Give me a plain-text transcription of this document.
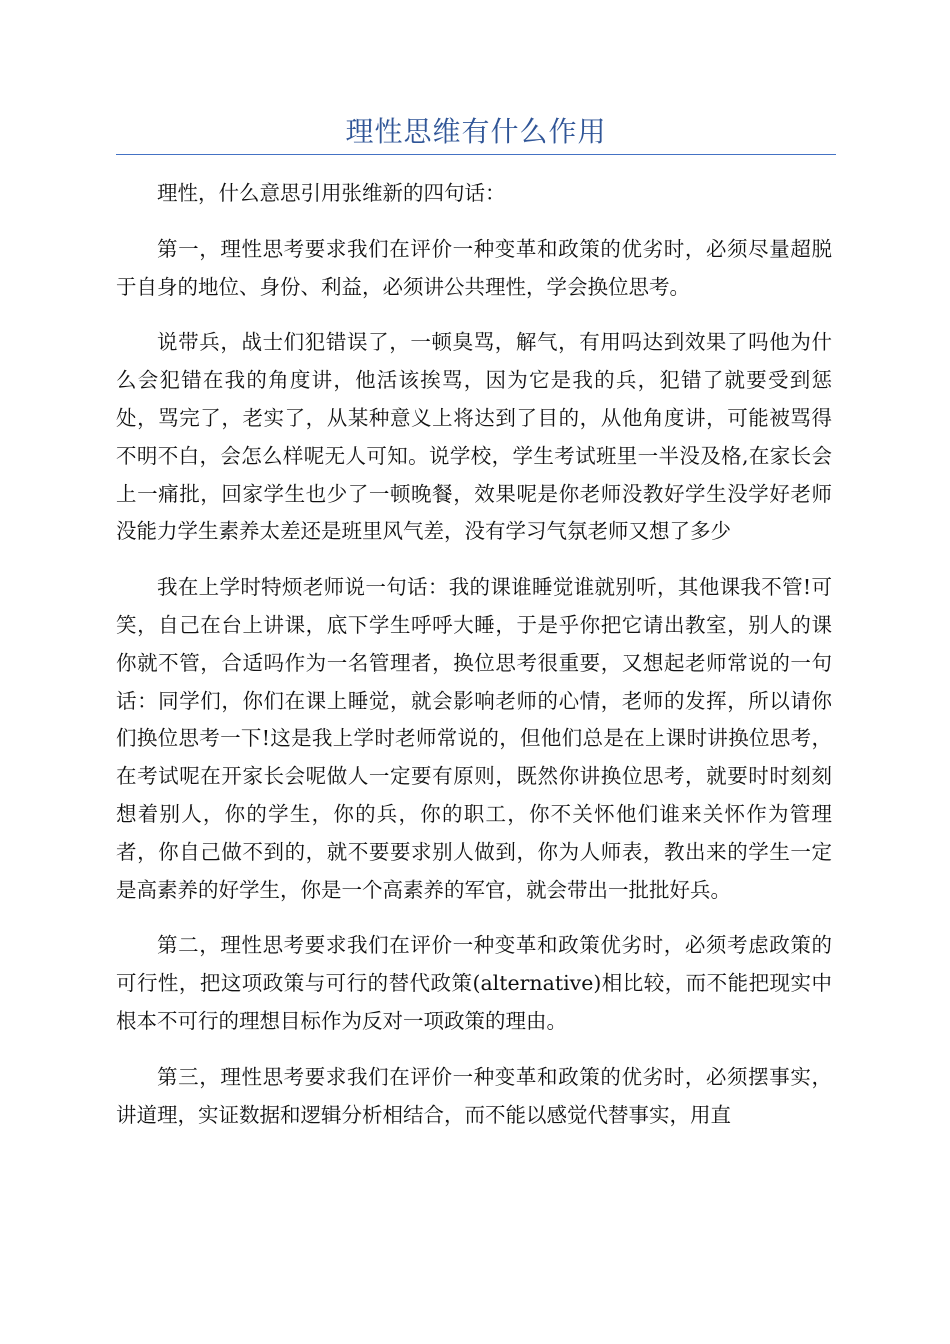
理性思维有什么作用

理性，什么意思引用张维新的四句话：

第一，理性思考要求我们在评价一种变革和政策的优劣时，必须尽量超脱于自身的地位、身份、利益，必须讲公共理性，学会换位思考。

说带兵，战士们犯错误了，一顿臭骂，解气，有用吗达到效果了吗他为什么会犯错在我的角度讲，他活该挨骂，因为它是我的兵，犯错了就要受到惩处，骂完了，老实了，从某种意义上将达到了目的，从他角度讲，可能被骂得不明不白，会怎么样呢无人可知。说学校，学生考试班里一半没及格,在家长会上一痛批，回家学生也少了一顿晚餐，效果呢是你老师没教好学生没学好老师没能力学生素养太差还是班里风气差，没有学习气氛老师又想了多少

我在上学时特烦老师说一句话：我的课谁睡觉谁就别听，其他课我不管!可笑，自己在台上讲课，底下学生呼呼大睡，于是乎你把它请出教室，别人的课你就不管，合适吗作为一名管理者，换位思考很重要，又想起老师常说的一句话：同学们，你们在课上睡觉，就会影响老师的心情，老师的发挥，所以请你们换位思考一下!这是我上学时老师常说的，但他们总是在上课时讲换位思考，在考试呢在开家长会呢做人一定要有原则，既然你讲换位思考，就要时时刻刻想着别人，你的学生，你的兵，你的职工，你不关怀他们谁来关怀作为管理者，你自己做不到的，就不要要求别人做到，你为人师表，教出来的学生一定是高素养的好学生，你是一个高素养的军官，就会带出一批批好兵。

第二，理性思考要求我们在评价一种变革和政策优劣时，必须考虑政策的可行性，把这项政策与可行的替代政策(alternative)相比较，而不能把现实中根本不可行的理想目标作为反对一项政策的理由。

第三，理性思考要求我们在评价一种变革和政策的优劣时，必须摆事实，讲道理，实证数据和逻辑分析相结合，而不能以感觉代替事实，用直
